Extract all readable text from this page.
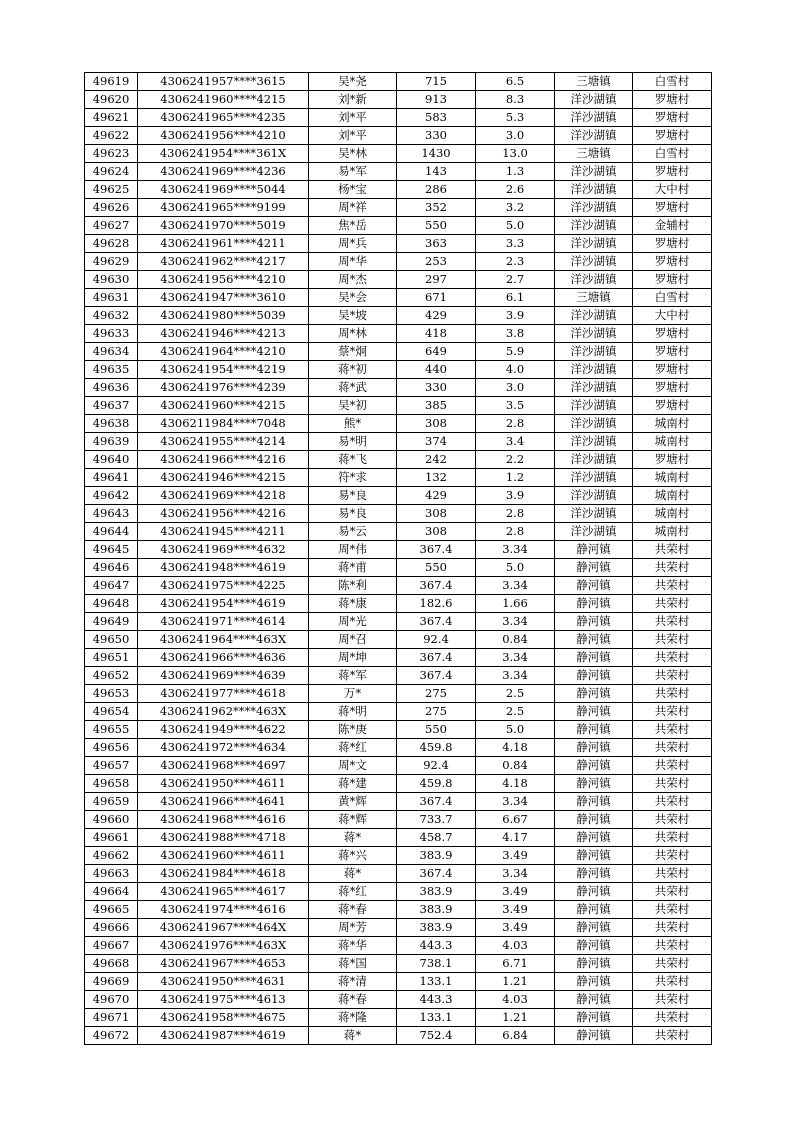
49619	4306241957****3615	吴*尧	715	6.5	三塘镇	白雪村
49620	4306241960****4215	刘*新	913	8.3	洋沙湖镇	罗塘村
49621	4306241965****4235	刘*平	583	5.3	洋沙湖镇	罗塘村
49622	4306241956****4210	刘*平	330	3.0	洋沙湖镇	罗塘村
49623	4306241954****361X	吴*林	1430	13.0	三塘镇	白雪村
49624	4306241969****4236	易*军	143	1.3	洋沙湖镇	罗塘村
49625	4306241969****5044	杨*宝	286	2.6	洋沙湖镇	大中村
49626	4306241965****9199	周*祥	352	3.2	洋沙湖镇	罗塘村
49627	4306241970****5019	焦*岳	550	5.0	洋沙湖镇	金辅村
49628	4306241961****4211	周*兵	363	3.3	洋沙湖镇	罗塘村
49629	4306241962****4217	周*华	253	2.3	洋沙湖镇	罗塘村
49630	4306241956****4210	周*杰	297	2.7	洋沙湖镇	罗塘村
49631	4306241947****3610	吴*会	671	6.1	三塘镇	白雪村
49632	4306241980****5039	吴*坡	429	3.9	洋沙湖镇	大中村
49633	4306241946****4213	周*林	418	3.8	洋沙湖镇	罗塘村
49634	4306241964****4210	蔡*炯	649	5.9	洋沙湖镇	罗塘村
49635	4306241954****4219	蒋*初	440	4.0	洋沙湖镇	罗塘村
49636	4306241976****4239	蒋*武	330	3.0	洋沙湖镇	罗塘村
49637	4306241960****4215	吴*初	385	3.5	洋沙湖镇	罗塘村
49638	4306211984****7048	熊*	308	2.8	洋沙湖镇	城南村
49639	4306241955****4214	易*明	374	3.4	洋沙湖镇	城南村
49640	4306241966****4216	蒋*飞	242	2.2	洋沙湖镇	罗塘村
49641	4306241946****4215	符*求	132	1.2	洋沙湖镇	城南村
49642	4306241969****4218	易*良	429	3.9	洋沙湖镇	城南村
49643	4306241956****4216	易*良	308	2.8	洋沙湖镇	城南村
49644	4306241945****4211	易*云	308	2.8	洋沙湖镇	城南村
49645	4306241969****4632	周*伟	367.4	3.34	静河镇	共荣村
49646	4306241948****4619	蒋*甫	550	5.0	静河镇	共荣村
49647	4306241975****4225	陈*利	367.4	3.34	静河镇	共荣村
49648	4306241954****4619	蒋*康	182.6	1.66	静河镇	共荣村
49649	4306241971****4614	周*光	367.4	3.34	静河镇	共荣村
49650	4306241964****463X	周*召	92.4	0.84	静河镇	共荣村
49651	4306241966****4636	周*坤	367.4	3.34	静河镇	共荣村
49652	4306241969****4639	蒋*军	367.4	3.34	静河镇	共荣村
49653	4306241977****4618	万*	275	2.5	静河镇	共荣村
49654	4306241962****463X	蒋*明	275	2.5	静河镇	共荣村
49655	4306241949****4622	陈*庚	550	5.0	静河镇	共荣村
49656	4306241972****4634	蒋*红	459.8	4.18	静河镇	共荣村
49657	4306241968****4697	周*文	92.4	0.84	静河镇	共荣村
49658	4306241950****4611	蒋*建	459.8	4.18	静河镇	共荣村
49659	4306241966****4641	黄*辉	367.4	3.34	静河镇	共荣村
49660	4306241968****4616	蒋*辉	733.7	6.67	静河镇	共荣村
49661	4306241988****4718	蒋*	458.7	4.17	静河镇	共荣村
49662	4306241960****4611	蒋*兴	383.9	3.49	静河镇	共荣村
49663	4306241984****4618	蒋*	367.4	3.34	静河镇	共荣村
49664	4306241965****4617	蒋*红	383.9	3.49	静河镇	共荣村
49665	4306241974****4616	蒋*春	383.9	3.49	静河镇	共荣村
49666	4306241967****464X	周*芳	383.9	3.49	静河镇	共荣村
49667	4306241976****463X	蒋*华	443.3	4.03	静河镇	共荣村
49668	4306241967****4653	蒋*国	738.1	6.71	静河镇	共荣村
49669	4306241950****4631	蒋*清	133.1	1.21	静河镇	共荣村
49670	4306241975****4613	蒋*春	443.3	4.03	静河镇	共荣村
49671	4306241958****4675	蒋*隆	133.1	1.21	静河镇	共荣村
49672	4306241987****4619	蒋*	752.4	6.84	静河镇	共荣村
